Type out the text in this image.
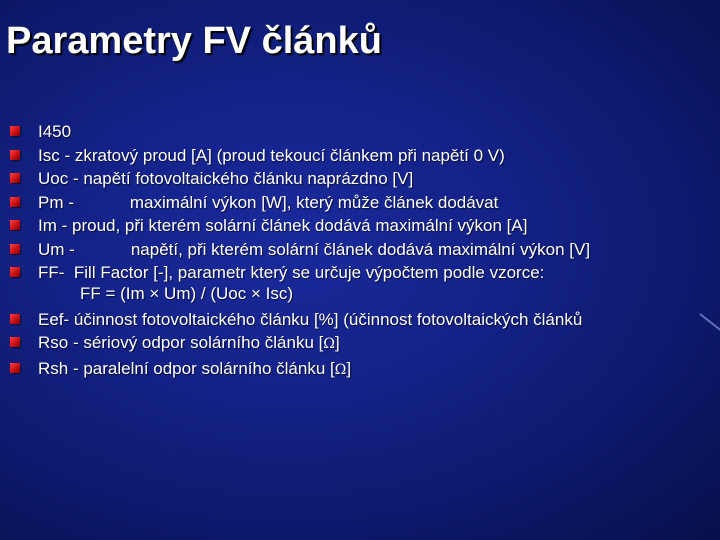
Parametry FV článků
I450
Isc - zkratový proud [A] (proud tekoucí článkem při napětí 0 V)
Uoc - napětí fotovoltaického článku naprázdno [V]
Pm -	maximální výkon [W], který může článek dodávat
Im - proud, při kterém solární článek dodává maximální výkon [A]
Um -	napětí, při kterém solární článek dodává maximální výkon [V]
FF- Fill Factor [-], parametr který se určuje výpočtem podle vzorce:
FF = (Im × Um) / (Uoc × Isc)
Eef- účinnost fotovoltaického článku [%] (účinnost fotovoltaických článků
Rso - sériový odpor solárního článku [Ω]
Rsh - paralelní odpor solárního článku [Ω]
